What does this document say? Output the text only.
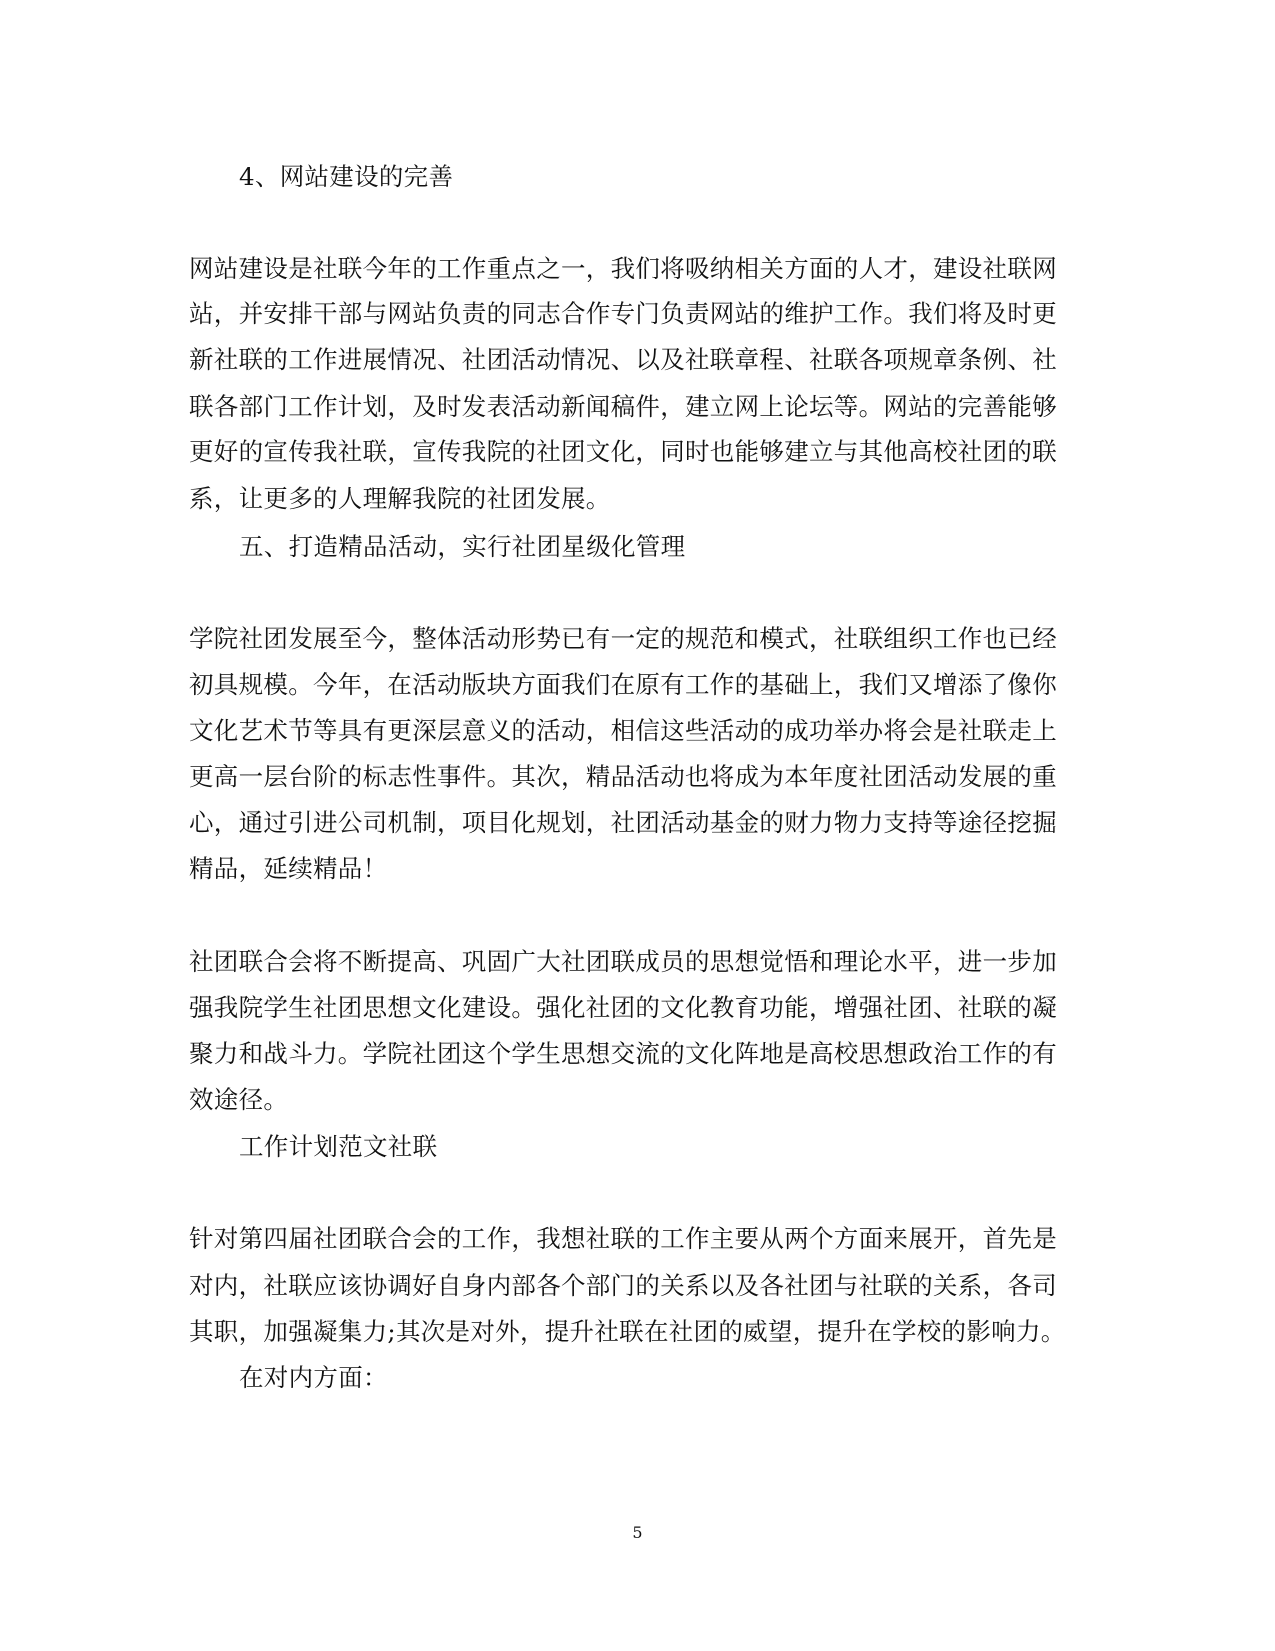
4、网站建设的完善
网站建设是社联今年的工作重点之一，我们将吸纳相关方面的人才，建设社联网
站，并安排干部与网站负责的同志合作专门负责网站的维护工作。我们将及时更
新社联的工作进展情况、社团活动情况、以及社联章程、社联各项规章条例、社
联各部门工作计划，及时发表活动新闻稿件，建立网上论坛等。网站的完善能够
更好的宣传我社联，宣传我院的社团文化，同时也能够建立与其他高校社团的联
系，让更多的人理解我院的社团发展。
五、打造精品活动，实行社团星级化管理
学院社团发展至今，整体活动形势已有一定的规范和模式，社联组织工作也已经
初具规模。今年，在活动版块方面我们在原有工作的基础上，我们又增添了像你
文化艺术节等具有更深层意义的活动，相信这些活动的成功举办将会是社联走上
更高一层台阶的标志性事件。其次，精品活动也将成为本年度社团活动发展的重
心，通过引进公司机制，项目化规划，社团活动基金的财力物力支持等途径挖掘
精品，延续精品！
社团联合会将不断提高、巩固广大社团联成员的思想觉悟和理论水平，进一步加
强我院学生社团思想文化建设。强化社团的文化教育功能，增强社团、社联的凝
聚力和战斗力。学院社团这个学生思想交流的文化阵地是高校思想政治工作的有
效途径。
工作计划范文社联
针对第四届社团联合会的工作，我想社联的工作主要从两个方面来展开，首先是
对内，社联应该协调好自身内部各个部门的关系以及各社团与社联的关系，各司
其职，加强凝集力;其次是对外，提升社联在社团的威望，提升在学校的影响力。
在对内方面：
5
